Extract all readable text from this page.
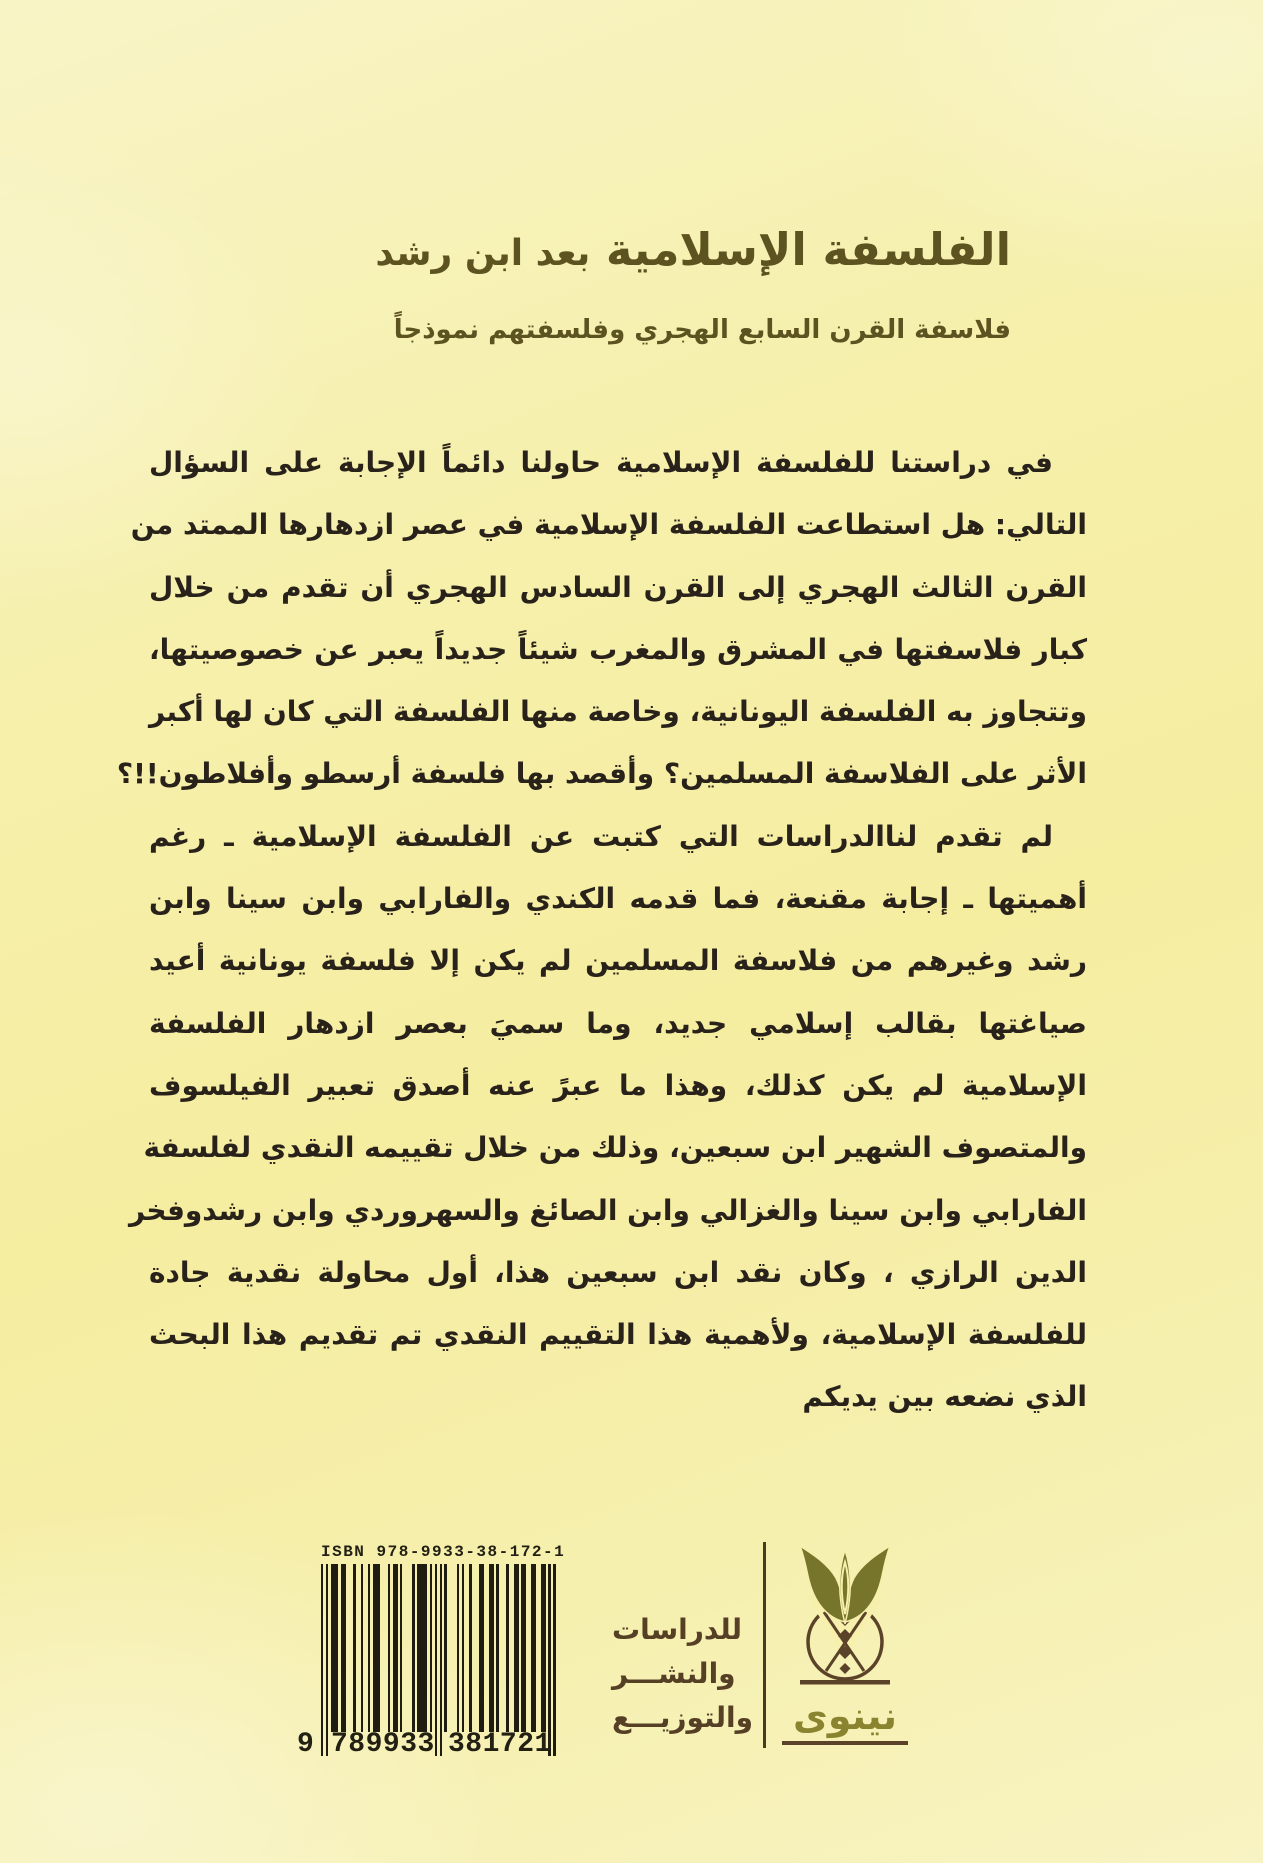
الفلسفة الإسلامية بعد ابن رشد
فلاسفة القرن السابع الهجري وفلسفتهم نموذجاً
في دراستنا للفلسفة الإسلامية حاولنا دائماً الإجابة على السؤال
التالي: هل استطاعت الفلسفة الإسلامية في عصر ازدهارها الممتد من
القرن الثالث الهجري إلى القرن السادس الهجري أن تقدم من خلال
كبار فلاسفتها في المشرق والمغرب شيئاً جديداً يعبر عن خصوصيتها،
وتتجاوز به الفلسفة اليونانية، وخاصة منها الفلسفة التي كان لها أكبر
الأثر على الفلاسفة المسلمين؟ وأقصد بها فلسفة أرسطو وأفلاطون!!؟
لم تقدم لناالدراسات التي كتبت عن الفلسفة الإسلامية ـ رغم
أهميتها ـ إجابة مقنعة، فما قدمه الكندي والفارابي وابن سينا وابن
رشد وغيرهم من فلاسفة المسلمين لم يكن إلا فلسفة يونانية أعيد
صياغتها بقالب إسلامي جديد، وما سميَ بعصر ازدهار الفلسفة
الإسلامية لم يكن كذلك، وهذا ما عبرً عنه أصدق تعبير الفيلسوف
والمتصوف الشهير ابن سبعين، وذلك من خلال تقييمه النقدي لفلسفة
الفارابي وابن سينا والغزالي وابن الصائغ والسهروردي وابن رشدوفخر
الدين الرازي ، وكان نقد ابن سبعين هذا، أول محاولة نقدية جادة
للفلسفة الإسلامية، ولأهمية هذا التقييم النقدي تم تقديم هذا البحث
الذي نضعه بين يديكم
ISBN 978-9933-38-172-1
9 789933 381721
للدراسات
والنشـــر
والتوزيـــع	نينوى
